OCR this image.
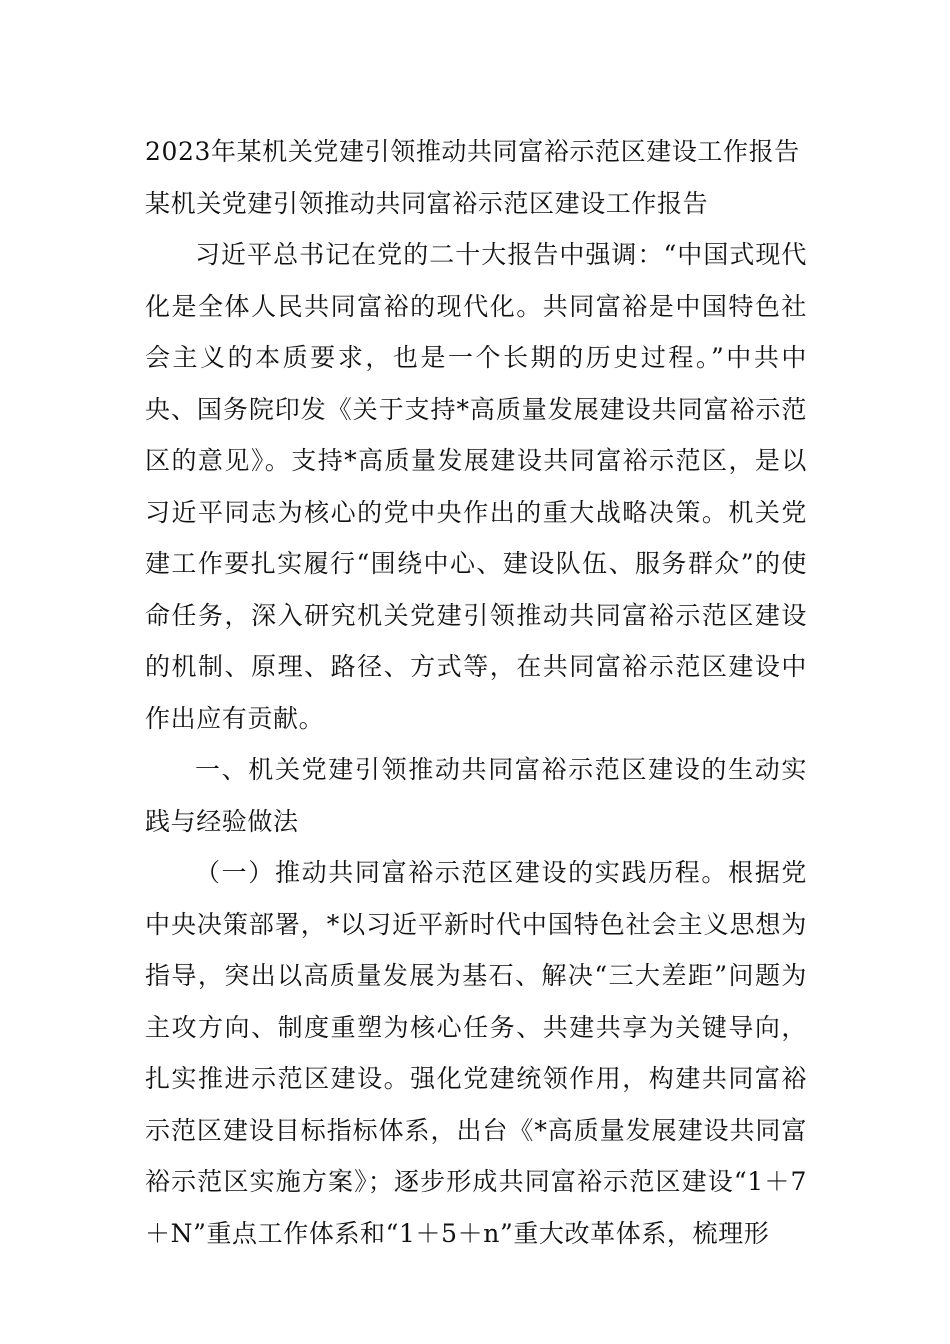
2023年某机关党建引领推动共同富裕示范区建设工作报告
某机关党建引领推动共同富裕示范区建设工作报告

习近平总书记在党的二十大报告中强调：“中国式现代化是全体人民共同富裕的现代化。共同富裕是中国特色社会主义的本质要求，也是一个长期的历史过程。”中共中央、国务院印发《关于支持*高质量发展建设共同富裕示范区的意见》。支持*高质量发展建设共同富裕示范区，是以习近平同志为核心的党中央作出的重大战略决策。机关党建工作要扎实履行“围绕中心、建设队伍、服务群众”的使命任务，深入研究机关党建引领推动共同富裕示范区建设的机制、原理、路径、方式等，在共同富裕示范区建设中作出应有贡献。

一、机关党建引领推动共同富裕示范区建设的生动实践与经验做法

（一）推动共同富裕示范区建设的实践历程。根据党中央决策部署，*以习近平新时代中国特色社会主义思想为指导，突出以高质量发展为基石、解决“三大差距”问题为主攻方向、制度重塑为核心任务、共建共享为关键导向，扎实推进示范区建设。强化党建统领作用，构建共同富裕示范区建设目标指标体系，出台《*高质量发展建设共同富裕示范区实施方案》；逐步形成共同富裕示范区建设“1＋7＋N”重点工作体系和“1＋5＋n”重大改革体系，梳理形
